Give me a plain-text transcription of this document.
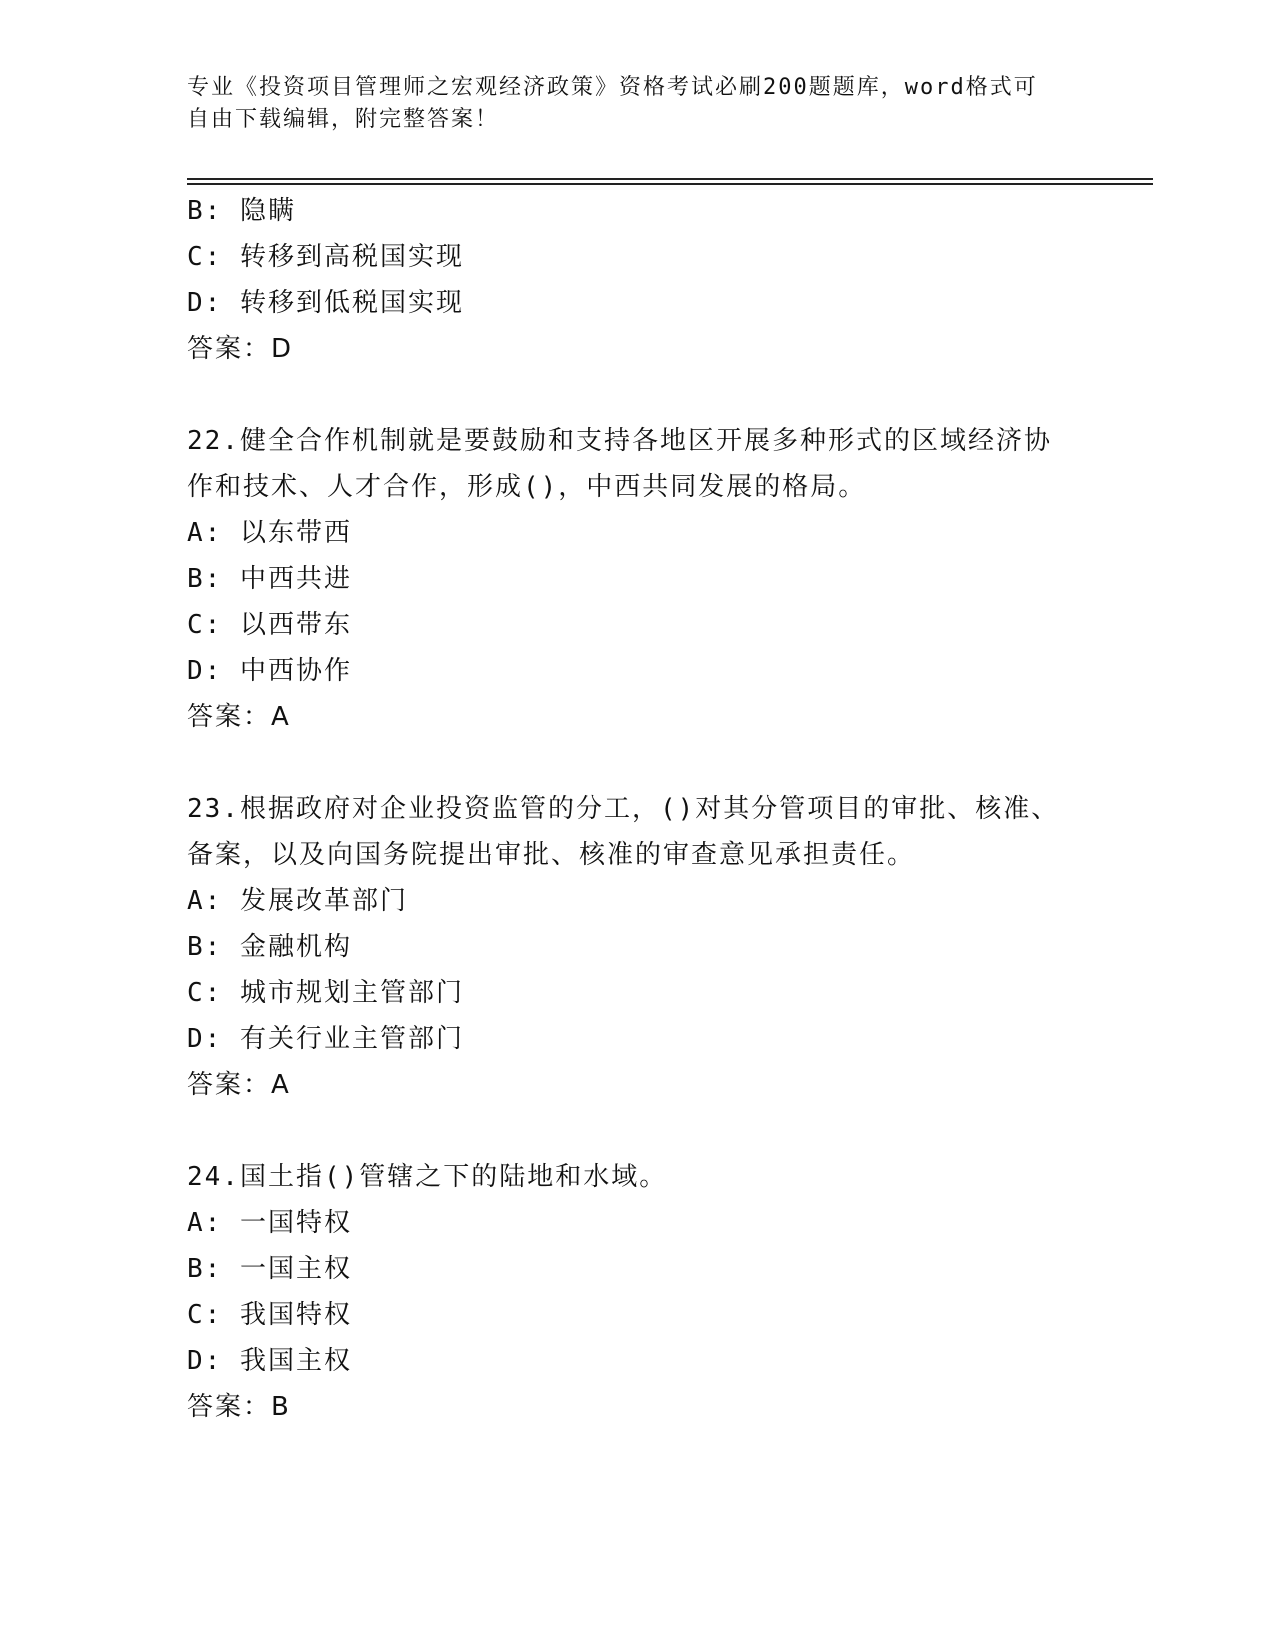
专业《投资项目管理师之宏观经济政策》资格考试必刷200题题库，word格式可
自由下载编辑，附完整答案！
B: 隐瞒
C: 转移到高税国实现
D: 转移到低税国实现
答案：D
22.健全合作机制就是要鼓励和支持各地区开展多种形式的区域经济协
作和技术、人才合作，形成()，中西共同发展的格局。
A: 以东带西
B: 中西共进
C: 以西带东
D: 中西协作
答案：A
23.根据政府对企业投资监管的分工，()对其分管项目的审批、核准、
备案，以及向国务院提出审批、核准的审查意见承担责任。
A: 发展改革部门
B: 金融机构
C: 城市规划主管部门
D: 有关行业主管部门
答案：A
24.国土指()管辖之下的陆地和水域。
A: 一国特权
B: 一国主权
C: 我国特权
D: 我国主权
答案：B
